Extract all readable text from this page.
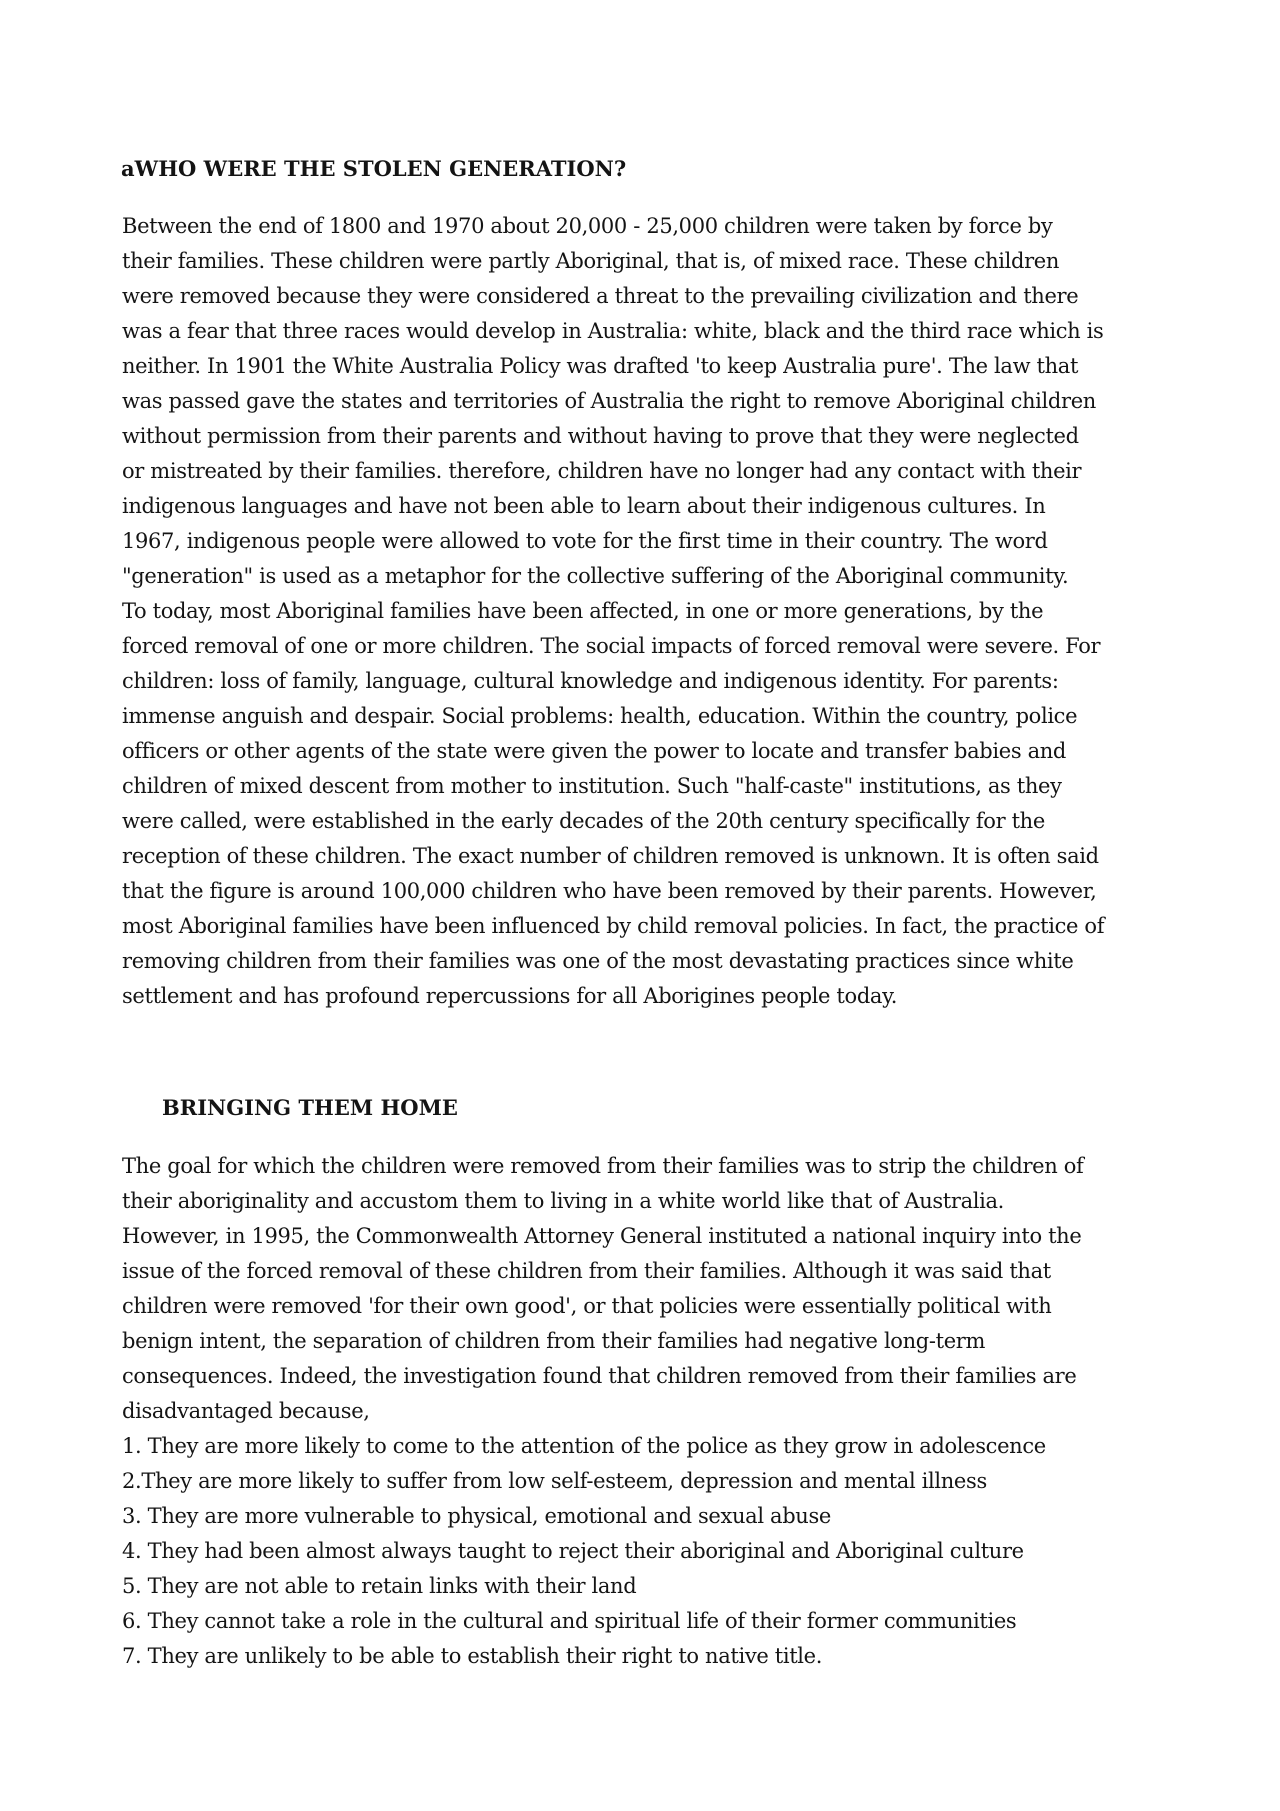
aWHO WERE THE STOLEN GENERATION?
Between the end of 1800 and 1970 about 20,000 - 25,000 children were taken by force by
their families. These children were partly Aboriginal, that is, of mixed race. These children
were removed because they were considered a threat to the prevailing civilization and there
was a fear that three races would develop in Australia: white, black and the third race which is
neither. In 1901 the White Australia Policy was drafted 'to keep Australia pure'. The law that
was passed gave the states and territories of Australia the right to remove Aboriginal children
without permission from their parents and without having to prove that they were neglected
or mistreated by their families. therefore, children have no longer had any contact with their
indigenous languages and have not been able to learn about their indigenous cultures. In
1967, indigenous people were allowed to vote for the first time in their country. The word
"generation" is used as a metaphor for the collective suffering of the Aboriginal community.
To today, most Aboriginal families have been affected, in one or more generations, by the
forced removal of one or more children. The social impacts of forced removal were severe. For
children: loss of family, language, cultural knowledge and indigenous identity. For parents:
immense anguish and despair. Social problems: health, education. Within the country, police
officers or other agents of the state were given the power to locate and transfer babies and
children of mixed descent from mother to institution. Such "half-caste" institutions, as they
were called, were established in the early decades of the 20th century specifically for the
reception of these children. The exact number of children removed is unknown. It is often said
that the figure is around 100,000 children who have been removed by their parents. However,
most Aboriginal families have been influenced by child removal policies. In fact, the practice of
removing children from their families was one of the most devastating practices since white
settlement and has profound repercussions for all Aborigines people today.
BRINGING THEM HOME
The goal for which the children were removed from their families was to strip the children of
their aboriginality and accustom them to living in a white world like that of Australia.
However, in 1995, the Commonwealth Attorney General instituted a national inquiry into the
issue of the forced removal of these children from their families. Although it was said that
children were removed 'for their own good', or that policies were essentially political with
benign intent, the separation of children from their families had negative long-term
consequences. Indeed, the investigation found that children removed from their families are
disadvantaged because,
1. They are more likely to come to the attention of the police as they grow in adolescence
2.They are more likely to suffer from low self-esteem, depression and mental illness
3. They are more vulnerable to physical, emotional and sexual abuse
4. They had been almost always taught to reject their aboriginal and Aboriginal culture
5. They are not able to retain links with their land
6. They cannot take a role in the cultural and spiritual life of their former communities
7. They are unlikely to be able to establish their right to native title.
